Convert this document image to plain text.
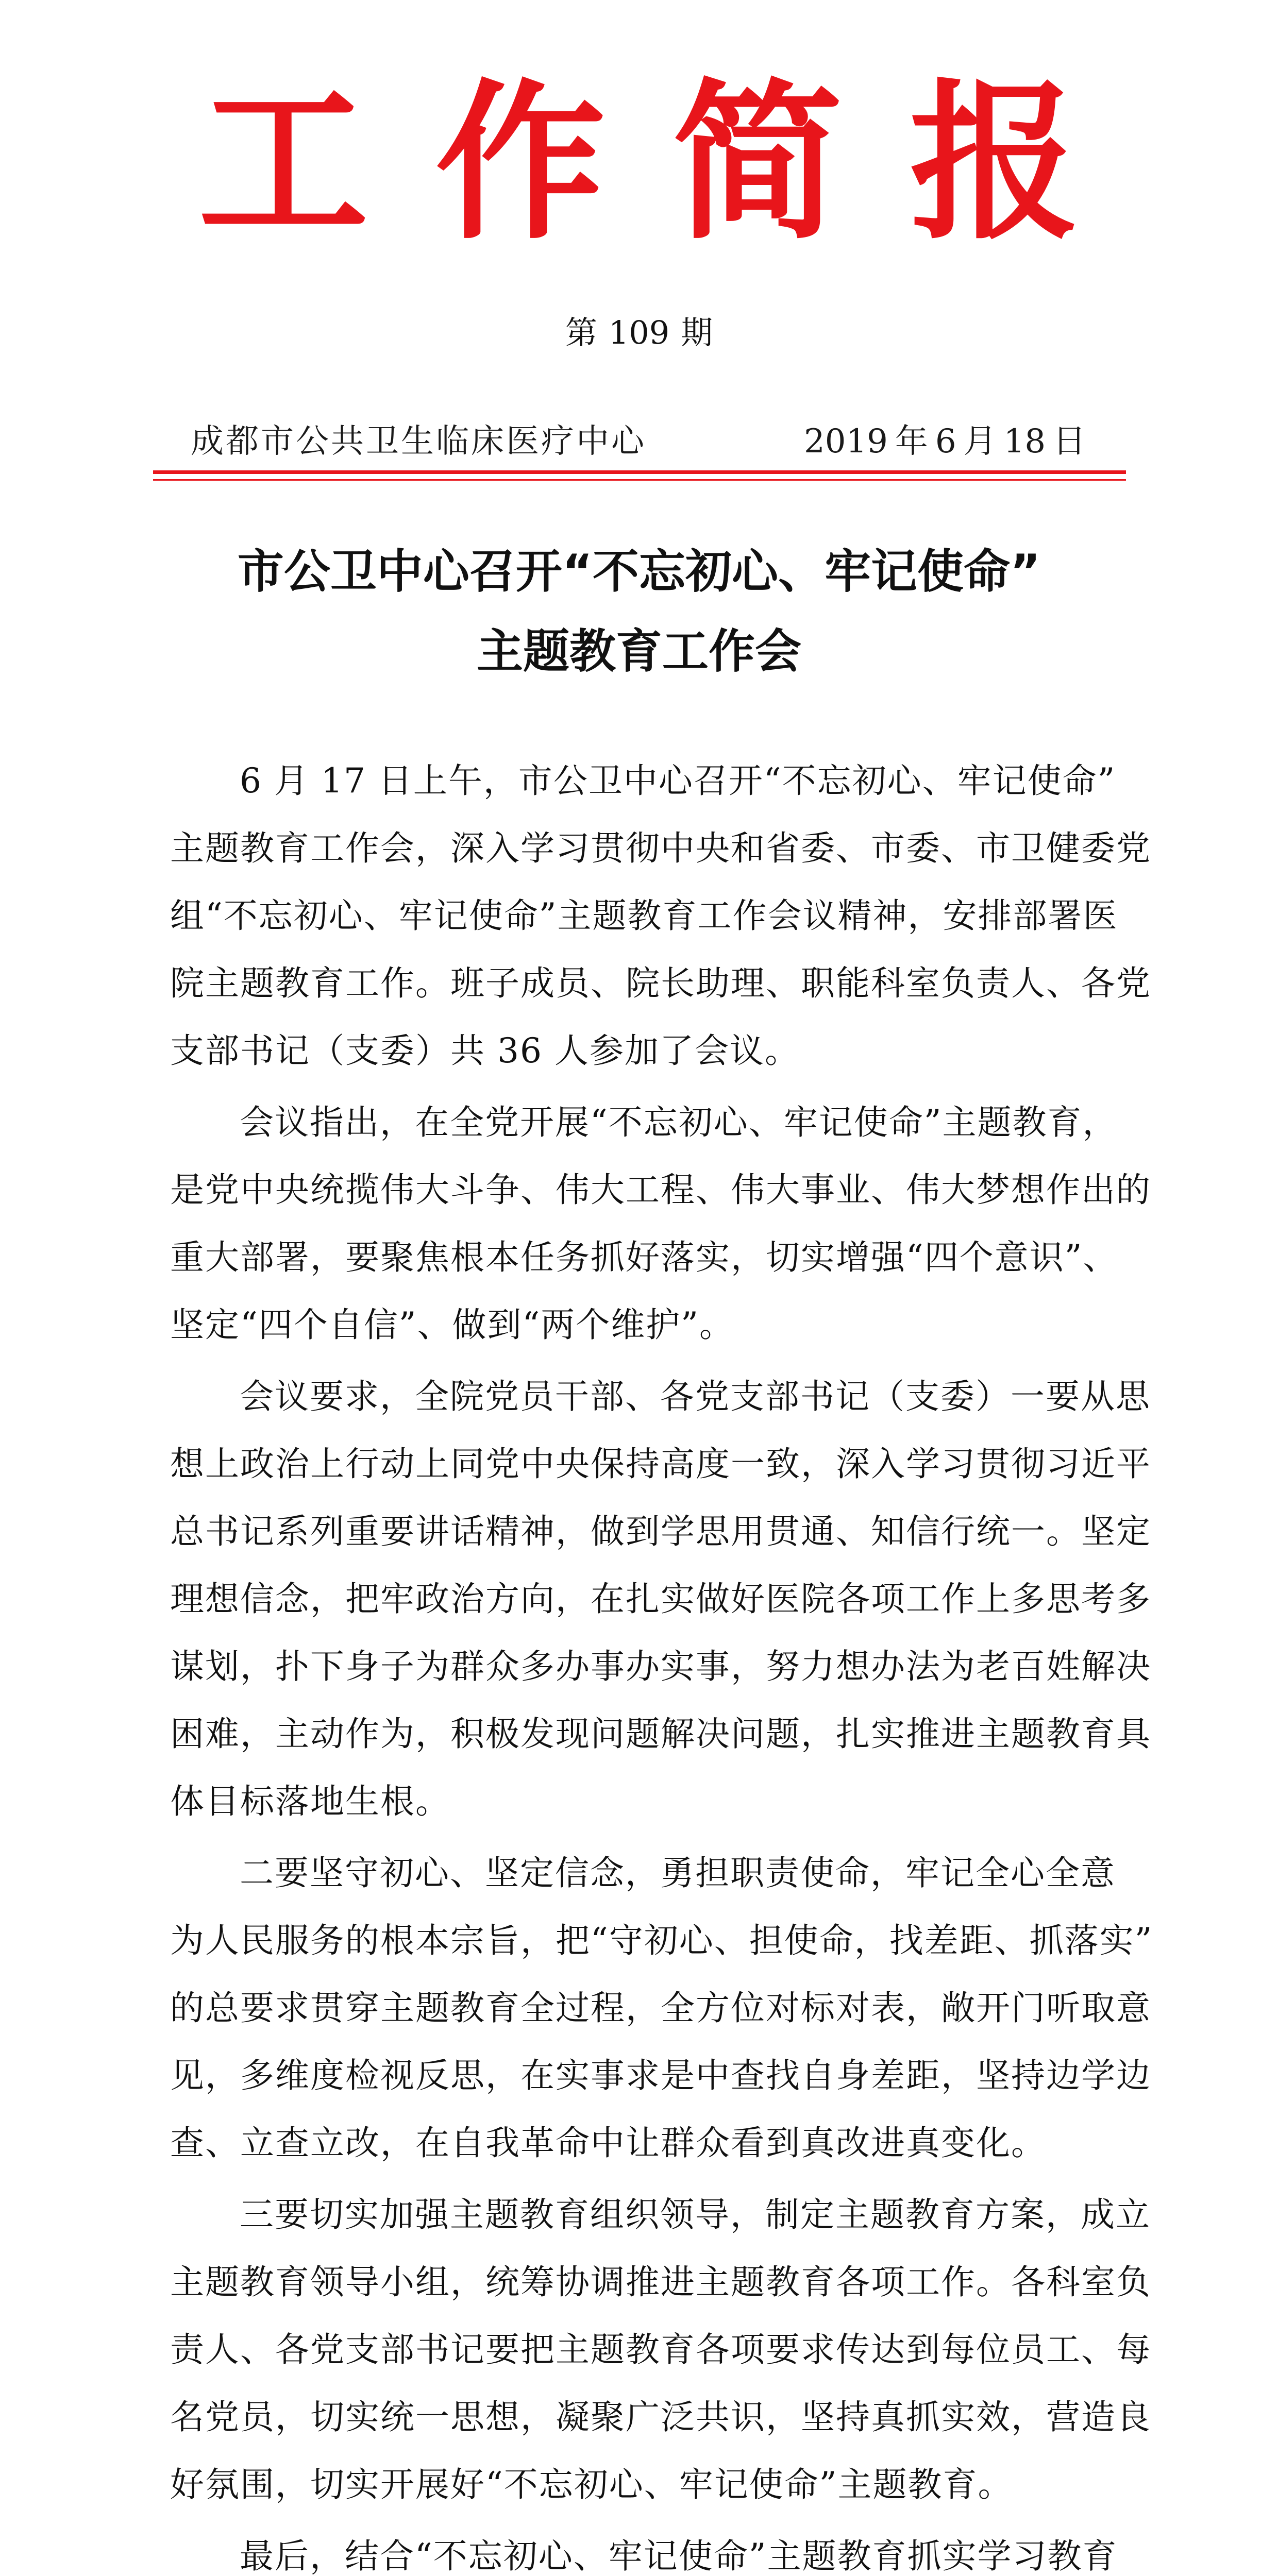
工作简报
第 109 期
成都市公共卫生临床医疗中心	2019 年 6 月 18 日
市公卫中心召开“不忘初心、牢记使命”
主题教育工作会
6 月 17 日上午，市公卫中心召开“不忘初心、牢记使命”
主题教育工作会，深入学习贯彻中央和省委、市委、市卫健委党
组“不忘初心、牢记使命”主题教育工作会议精神，安排部署医
院主题教育工作。班子成员、院长助理、职能科室负责人、各党
支部书记（支委）共 36 人参加了会议。
会议指出，在全党开展“不忘初心、牢记使命”主题教育，
是党中央统揽伟大斗争、伟大工程、伟大事业、伟大梦想作出的
重大部署，要聚焦根本任务抓好落实，切实增强“四个意识”、
坚定“四个自信”、做到“两个维护”。
会议要求，全院党员干部、各党支部书记（支委）一要从思
想上政治上行动上同党中央保持高度一致，深入学习贯彻习近平
总书记系列重要讲话精神，做到学思用贯通、知信行统一。坚定
理想信念，把牢政治方向，在扎实做好医院各项工作上多思考多
谋划，扑下身子为群众多办事办实事，努力想办法为老百姓解决
困难，主动作为，积极发现问题解决问题，扎实推进主题教育具
体目标落地生根。
二要坚守初心、坚定信念，勇担职责使命，牢记全心全意
为人民服务的根本宗旨，把“守初心、担使命，找差距、抓落实”
的总要求贯穿主题教育全过程，全方位对标对表，敞开门听取意
见，多维度检视反思，在实事求是中查找自身差距，坚持边学边
查、立查立改，在自我革命中让群众看到真改进真变化。
三要切实加强主题教育组织领导，制定主题教育方案，成立
主题教育领导小组，统筹协调推进主题教育各项工作。各科室负
责人、各党支部书记要把主题教育各项要求传达到每位员工、每
名党员，切实统一思想，凝聚广泛共识，坚持真抓实效，营造良
好氛围，切实开展好“不忘初心、牢记使命”主题教育。
最后，结合“不忘初心、牢记使命”主题教育抓实学习教育
